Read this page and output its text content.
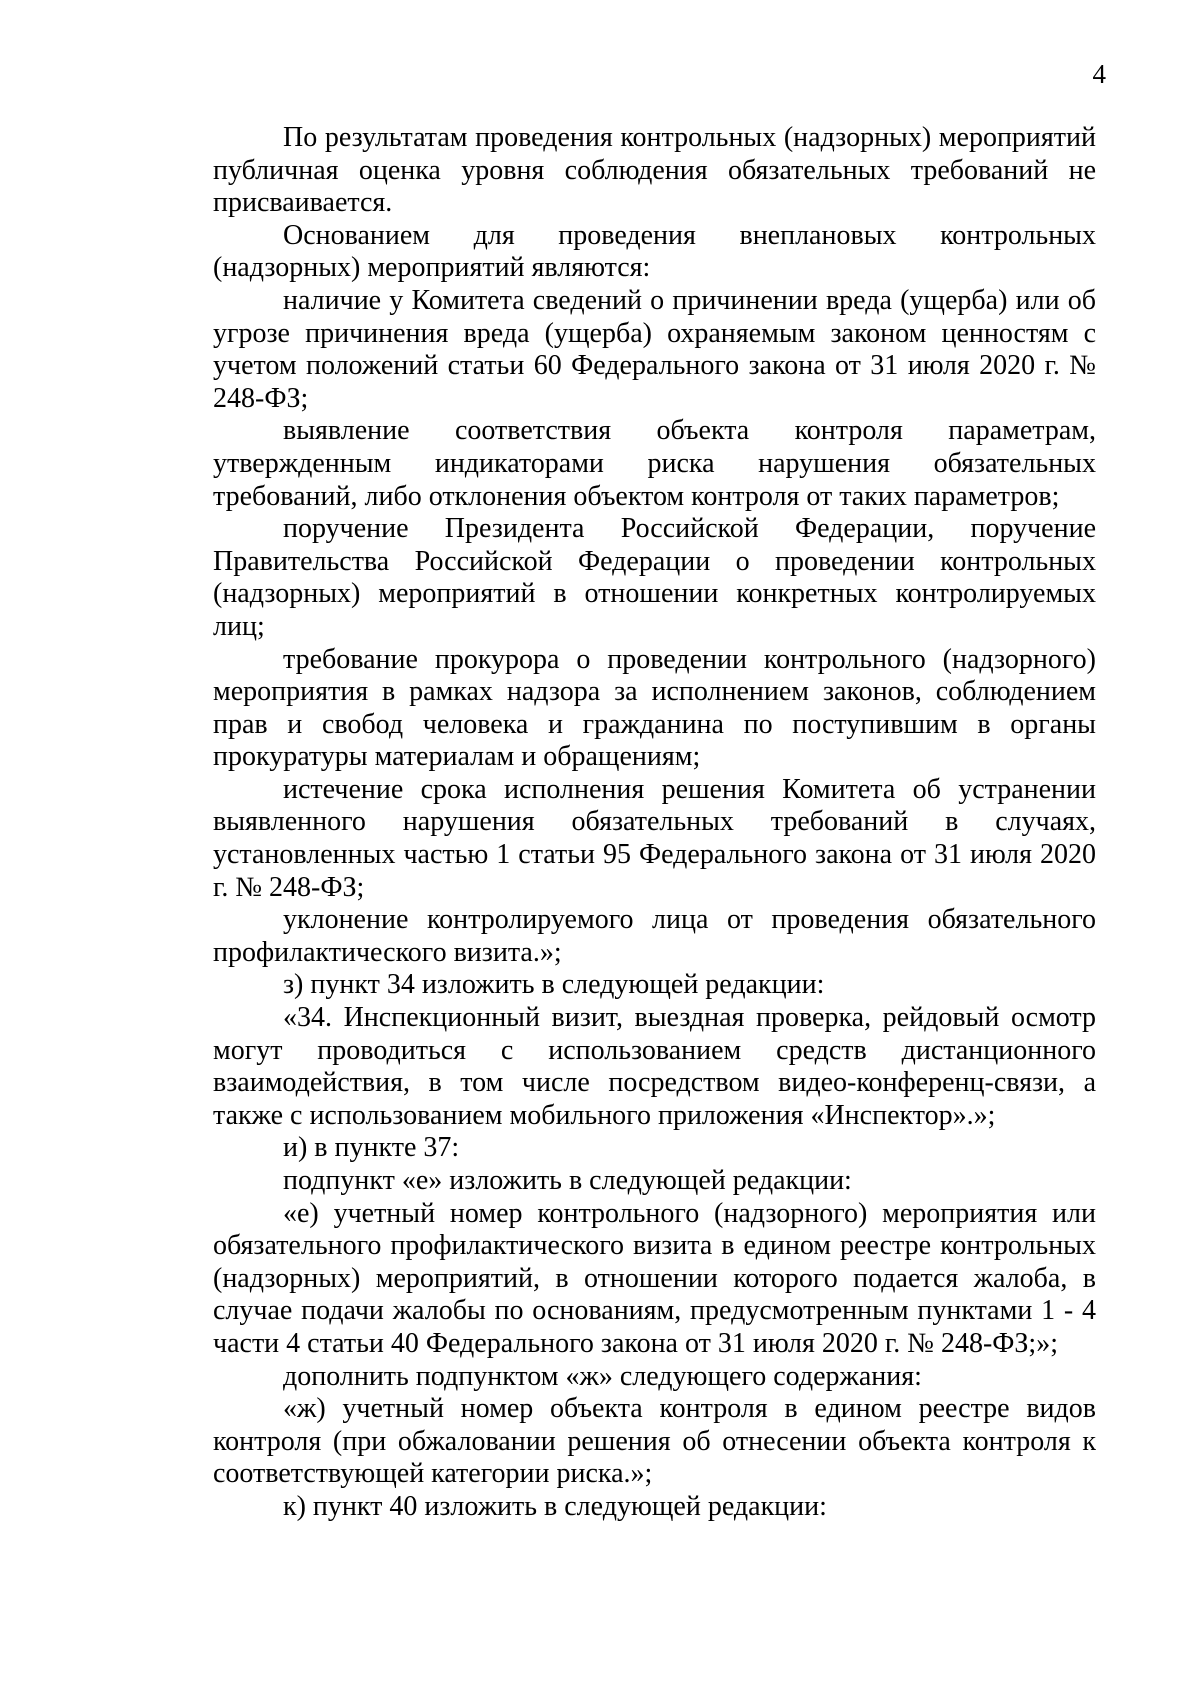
4

По результатам проведения контрольных (надзорных) мероприятий публичная оценка уровня соблюдения обязательных требований не присваивается.

Основанием для проведения внеплановых контрольных (надзорных) мероприятий являются:

наличие у Комитета сведений о причинении вреда (ущерба) или об угрозе причинения вреда (ущерба) охраняемым законом ценностям с учетом положений статьи 60 Федерального закона от 31 июля 2020 г. № 248-ФЗ;

выявление соответствия объекта контроля параметрам, утвержденным индикаторами риска нарушения обязательных требований, либо отклонения объектом контроля от таких параметров;

поручение Президента Российской Федерации, поручение Правительства Российской Федерации о проведении контрольных (надзорных) мероприятий в отношении конкретных контролируемых лиц;

требование прокурора о проведении контрольного (надзорного) мероприятия в рамках надзора за исполнением законов, соблюдением прав и свобод человека и гражданина по поступившим в органы прокуратуры материалам и обращениям;

истечение срока исполнения решения Комитета об устранении выявленного нарушения обязательных требований в случаях, установленных частью 1 статьи 95 Федерального закона от 31 июля 2020 г. № 248-ФЗ;

уклонение контролируемого лица от проведения обязательного профилактического визита.»;

з) пункт 34 изложить в следующей редакции:

«34. Инспекционный визит, выездная проверка, рейдовый осмотр могут проводиться с использованием средств дистанционного взаимодействия, в том числе посредством видео-конференц-связи, а также с использованием мобильного приложения «Инспектор».»;

и) в пункте 37:

подпункт «е» изложить в следующей редакции:

«е) учетный номер контрольного (надзорного) мероприятия или обязательного профилактического визита в едином реестре контрольных (надзорных) мероприятий, в отношении которого подается жалоба, в случае подачи жалобы по основаниям, предусмотренным пунктами 1 - 4 части 4 статьи 40 Федерального закона от 31 июля 2020 г. № 248-ФЗ;»;

дополнить подпунктом «ж» следующего содержания:

«ж) учетный номер объекта контроля в едином реестре видов контроля (при обжаловании решения об отнесении объекта контроля к соответствующей категории риска.»;

к) пункт 40 изложить в следующей редакции:
